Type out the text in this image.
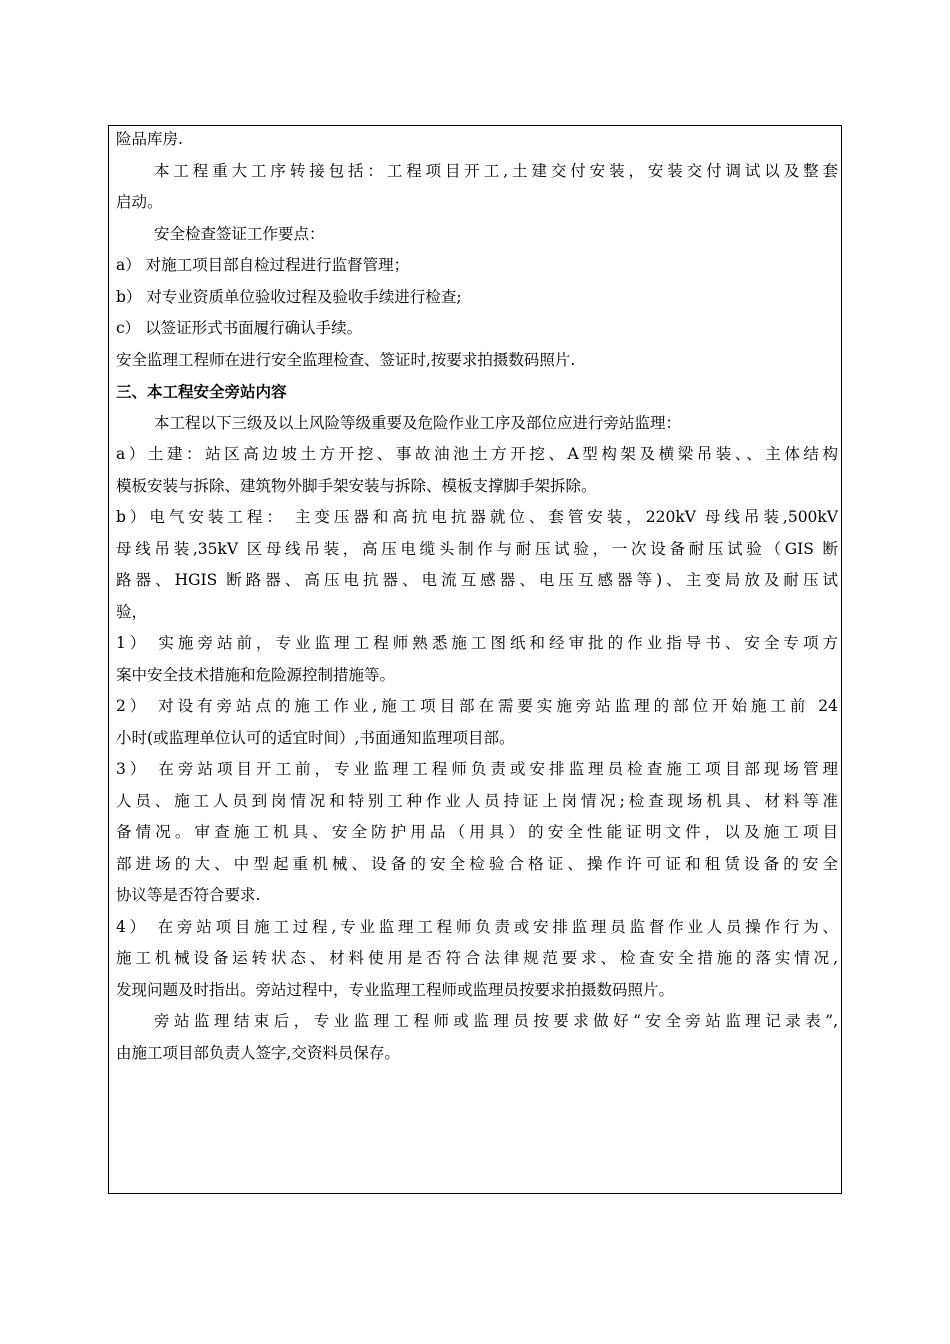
险品库房.
本工程重大工序转接包括：工程项目开工,土建交付安装，安装交付调试以及整套
启动。
安全检查签证工作要点：
a） 对施工项目部自检过程进行监督管理；
b） 对专业资质单位验收过程及验收手续进行检查;
c） 以签证形式书面履行确认手续。
安全监理工程师在进行安全监理检查、签证时,按要求拍摄数码照片.
三、本工程安全旁站内容
本工程以下三级及以上风险等级重要及危险作业工序及部位应进行旁站监理：
a）土建：站区高边坡土方开挖、事故油池土方开挖、A型构架及横梁吊装、、主体结构
模板安装与拆除、建筑物外脚手架安装与拆除、模板支撑脚手架拆除。
b）电气安装工程： 主变压器和高抗电抗器就位、套管安装，220kV 母线吊装,500kV
母线吊装,35kV 区母线吊装，高压电缆头制作与耐压试验，一次设备耐压试验（GIS 断
路器、HGIS 断路器、高压电抗器、电流互感器、电压互感器等)、主变局放及耐压试
验，
1） 实施旁站前，专业监理工程师熟悉施工图纸和经审批的作业指导书、安全专项方
案中安全技术措施和危险源控制措施等。
2） 对设有旁站点的施工作业,施工项目部在需要实施旁站监理的部位开始施工前 24
小时(或监理单位认可的适宜时间）,书面通知监理项目部。
3） 在旁站项目开工前，专业监理工程师负责或安排监理员检查施工项目部现场管理
人员、施工人员到岗情况和特别工种作业人员持证上岗情况;检查现场机具、材料等准
备情况。审查施工机具、安全防护用品（用具）的安全性能证明文件，以及施工项目
部进场的大、中型起重机械、设备的安全检验合格证、操作许可证和租赁设备的安全
协议等是否符合要求.
4） 在旁站项目施工过程,专业监理工程师负责或安排监理员监督作业人员操作行为、
施工机械设备运转状态、材料使用是否符合法律规范要求、检查安全措施的落实情况,
发现问题及时指出。旁站过程中，专业监理工程师或监理员按要求拍摄数码照片。
旁站监理结束后，专业监理工程师或监理员按要求做好“安全旁站监理记录表”,
由施工项目部负责人签字,交资料员保存。
